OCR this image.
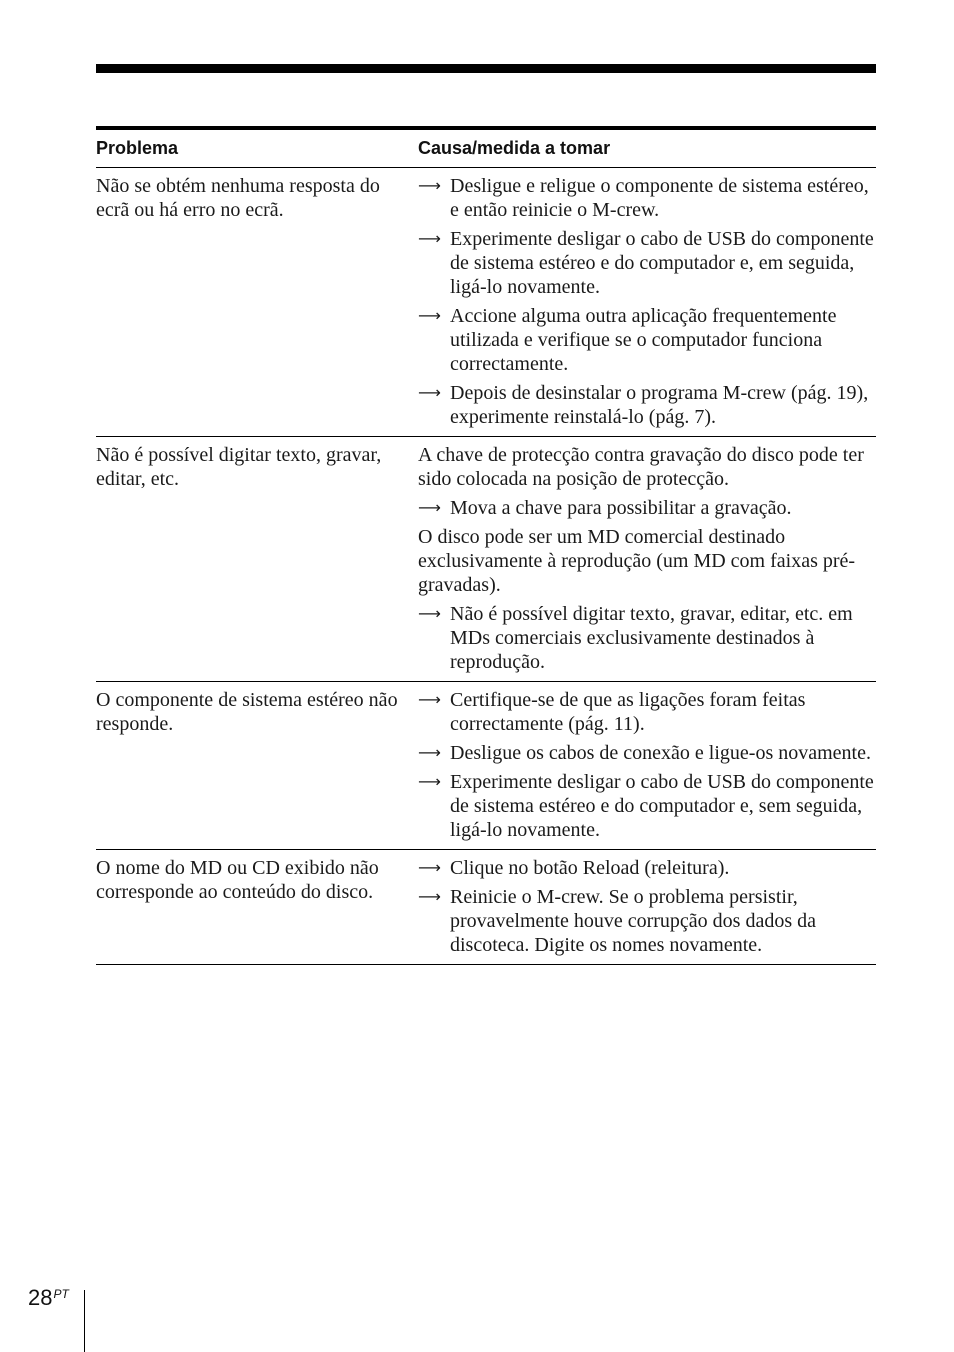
Problema	Causa/medida a tomar
Não se obtém nenhuma resposta do ecrã ou há erro no ecrã.
⟶ Desligue e religue o componente de sistema estéreo, e então reinicie o M-crew.
⟶ Experimente desligar o cabo de USB do componente de sistema estéreo e do computador e, em seguida, ligá-lo novamente.
⟶ Accione alguma outra aplicação frequentemente utilizada e verifique se o computador funciona correctamente.
⟶ Depois de desinstalar o programa M-crew (pág. 19), experimente reinstalá-lo (pág. 7).
Não é possível digitar texto, gravar, editar, etc.
A chave de protecção contra gravação do disco pode ter sido colocada na posição de protecção.
⟶ Mova a chave para possibilitar a gravação.
O disco pode ser um MD comercial destinado exclusivamente à reprodução (um MD com faixas pré-gravadas).
⟶ Não é possível digitar texto, gravar, editar, etc. em MDs comerciais exclusivamente destinados à reprodução.
O componente de sistema estéreo não responde.
⟶ Certifique-se de que as ligações foram feitas correctamente (pág. 11).
⟶ Desligue os cabos de conexão e ligue-os novamente.
⟶ Experimente desligar o cabo de USB do componente de sistema estéreo e do computador e, sem seguida, ligá-lo novamente.
O nome do MD ou CD exibido não corresponde ao conteúdo do disco.
⟶ Clique no botão Reload (releitura).
⟶ Reinicie o M-crew. Se o problema persistir, provavelmente houve corrupção dos dados da discoteca. Digite os nomes novamente.
$28^{PT}$
